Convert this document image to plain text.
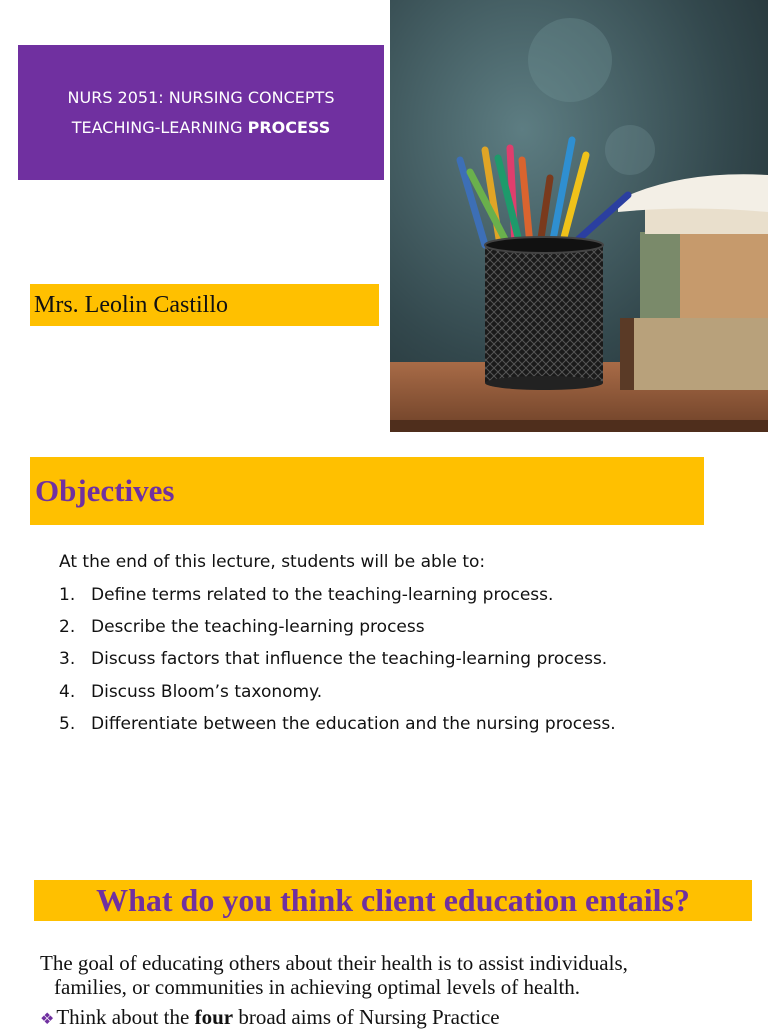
NURS 2051: NURSING CONCEPTS
TEACHING-LEARNING PROCESS
Mrs. Leolin Castillo
Objectives
At the end of this lecture, students will be able to:
1. Define terms related to the teaching-learning process.
2. Describe the teaching-learning process
3. Discuss factors that influence the teaching-learning process.
4. Discuss Bloom’s taxonomy.
5. Differentiate between the education and the nursing process.
What do you think client education entails?
The goal of educating others about their health is to assist individuals,
families, or communities in achieving optimal levels of health.
❖Think about the four broad aims of Nursing Practice
